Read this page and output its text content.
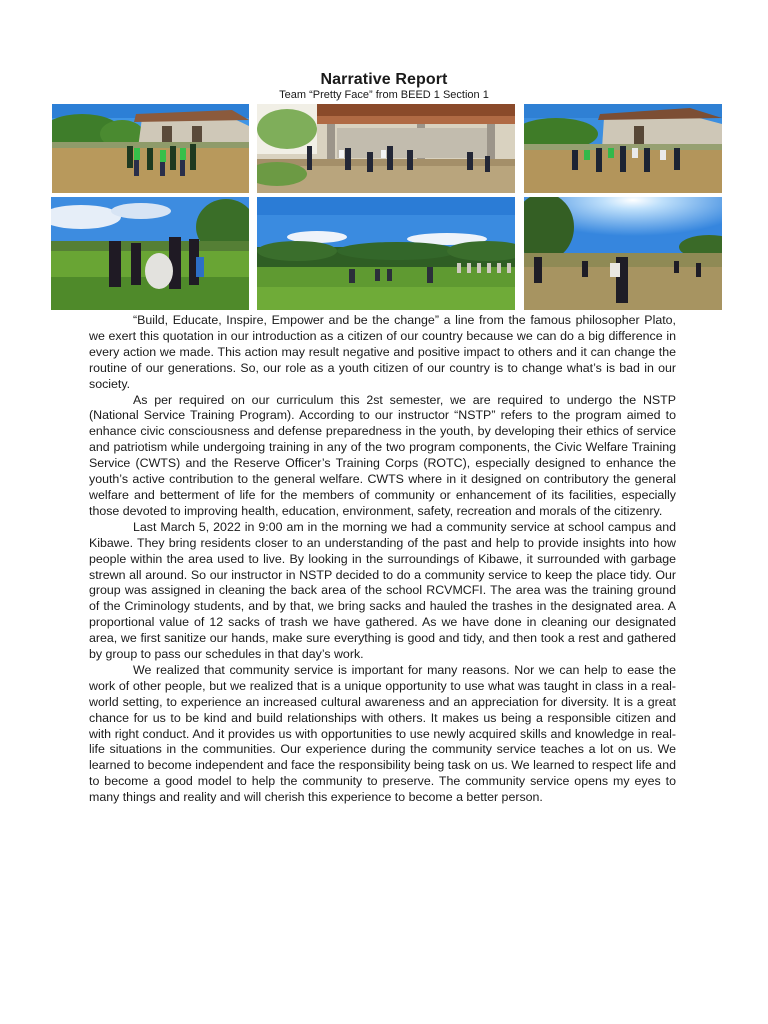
Narrative Report
Team “Pretty Face” from BEED 1 Section 1

“Build, Educate, Inspire, Empower and be the change” a line from the famous philosopher Plato, we exert this quotation in our introduction as a citizen of our country because we can do a big difference in every action we made. This action may result negative and positive impact to others and it can change the routine of our generations. So, our role as a youth citizen of our country is to change what’s is bad in our society.

As per required on our curriculum this 2st semester, we are required to undergo the NSTP (National Service Training Program). According to our instructor “NSTP” refers to the program aimed to enhance civic consciousness and defense preparedness in the youth, by developing their ethics of service and patriotism while undergoing training in any of the two program components, the Civic Welfare Training Service (CWTS) and the Reserve Officer’s Training Corps (ROTC), especially designed to enhance the youth’s active contribution to the general welfare. CWTS where in it designed on contributory the general welfare and betterment of life for the members of community or enhancement of its facilities, especially those devoted to improving health, education, environment, safety, recreation and morals of the citizenry.

Last March 5, 2022 in 9:00 am in the morning we had a community service at school campus and Kibawe. They bring residents closer to an understanding of the past and help to provide insights into how people within the area used to live. By looking in the surroundings of Kibawe, it surrounded with garbage strewn all around. So our instructor in NSTP decided to do a community service to keep the place tidy. Our group was assigned in cleaning the back area of the school RCVMCFI. The area was the training ground of the Criminology students, and by that, we bring sacks and hauled the trashes in the designated area. A proportional value of 12 sacks of trash we have gathered. As we have done in cleaning our designated area, we first sanitize our hands, make sure everything is good and tidy, and then took a rest and gathered by group to pass our schedules in that day’s work.

We realized that community service is important for many reasons. Nor we can help to ease the work of other people, but we realized that is a unique opportunity to use what was taught in class in a real-world setting, to experience an increased cultural awareness and an appreciation for diversity. It is a great chance for us to be kind and build relationships with others. It makes us being a responsible citizen and with right conduct. And it provides us with opportunities to use newly acquired skills and knowledge in real-life situations in the communities. Our experience during the community service teaches a lot on us. We learned to become independent and face the responsibility being task on us. We learned to respect life and to become a good model to help the community to preserve. The community service opens my eyes to many things and reality and will cherish this experience to become a better person.
